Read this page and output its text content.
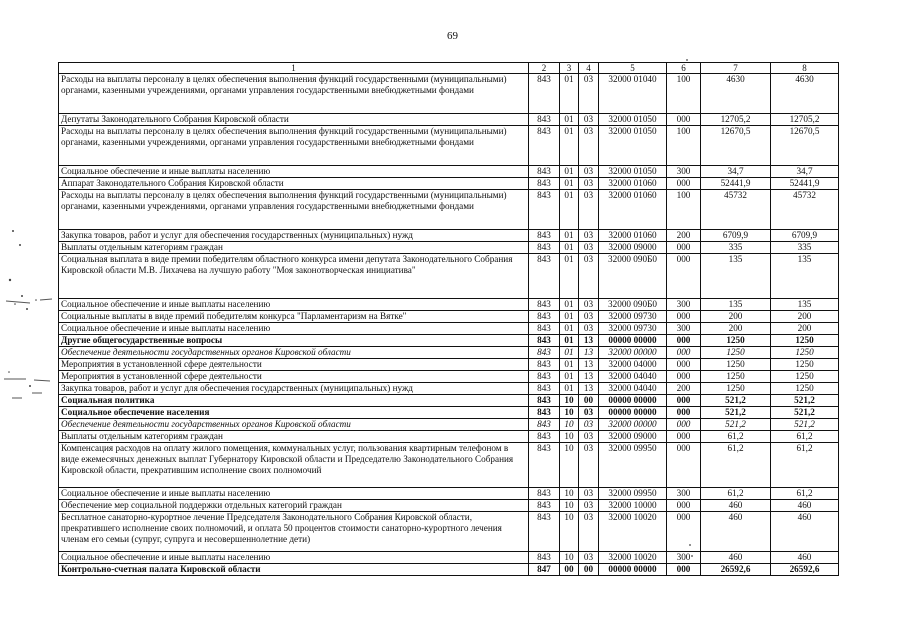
69
1	2	3	4	5	6	7	8
Расходы на выплаты персоналу в целях обеспечения выполнения функций государственными (муниципальными) органами, казенными учреждениями, органами управления государственными внебюджетными фондами	843	01	03	32000 01040	100	4630	4630
Депутаты Законодательного Собрания Кировской области	843	01	03	32000 01050	000	12705,2	12705,2
Расходы на выплаты персоналу в целях обеспечения выполнения функций государственными (муниципальными) органами, казенными учреждениями, органами управления государственными внебюджетными фондами	843	01	03	32000 01050	100	12670,5	12670,5
Социальное обеспечение и иные выплаты населению	843	01	03	32000 01050	300	34,7	34,7
Аппарат Законодательного Собрания Кировской области	843	01	03	32000 01060	000	52441,9	52441,9
Расходы на выплаты персоналу в целях обеспечения выполнения функций государственными (муниципальными) органами, казенными учреждениями, органами управления государственными внебюджетными фондами	843	01	03	32000 01060	100	45732	45732
Закупка товаров, работ и услуг для обеспечения государственных (муниципальных) нужд	843	01	03	32000 01060	200	6709,9	6709,9
Выплаты отдельным категориям граждан	843	01	03	32000 09000	000	335	335
Социальная выплата в виде премии победителям областного конкурса имени депутата Законодательного Собрания Кировской области М.В. Лихачева на лучшую работу "Моя законотворческая инициатива"	843	01	03	32000 090Б0	000	135	135
Социальное обеспечение и иные выплаты населению	843	01	03	32000 090Б0	300	135	135
Социальные выплаты в виде премий победителям конкурса "Парламентаризм на Вятке"	843	01	03	32000 09730	000	200	200
Социальное обеспечение и иные выплаты населению	843	01	03	32000 09730	300	200	200
Другие общегосударственные вопросы	843	01	13	00000 00000	000	1250	1250
Обеспечение деятельности государственных органов Кировской области	843	01	13	32000 00000	000	1250	1250
Мероприятия в установленной сфере деятельности	843	01	13	32000 04000	000	1250	1250
Мероприятия в установленной сфере деятельности	843	01	13	32000 04040	000	1250	1250
Закупка товаров, работ и услуг для обеспечения государственных (муниципальных) нужд	843	01	13	32000 04040	200	1250	1250
Социальная политика	843	10	00	00000 00000	000	521,2	521,2
Социальное обеспечение населения	843	10	03	00000 00000	000	521,2	521,2
Обеспечение деятельности государственных органов Кировской области	843	10	03	32000 00000	000	521,2	521,2
Выплаты отдельным категориям граждан	843	10	03	32000 09000	000	61,2	61,2
Компенсация расходов на оплату жилого помещения, коммунальных услуг, пользования квартирным телефоном в виде ежемесячных денежных выплат Губернатору Кировской области и Председателю Законодательного Собрания Кировской области, прекратившим исполнение своих полномочий	843	10	03	32000 09950	000	61,2	61,2
Социальное обеспечение и иные выплаты населению	843	10	03	32000 09950	300	61,2	61,2
Обеспечение мер социальной поддержки отдельных категорий граждан	843	10	03	32000 10000	000	460	460
Бесплатное санаторно-курортное лечение Председателя Законодательного Собрания Кировской области, прекратившего исполнение своих полномочий, и оплата 50 процентов стоимости санаторно-курортного лечения членам его семьи (супруг, супруга и несовершеннолетние дети)	843	10	03	32000 10020	000	460	460
Социальное обеспечение и иные выплаты населению	843	10	03	32000 10020	300	460	460
Контрольно-счетная палата Кировской области	847	00	00	00000 00000	000	26592,6	26592,6
